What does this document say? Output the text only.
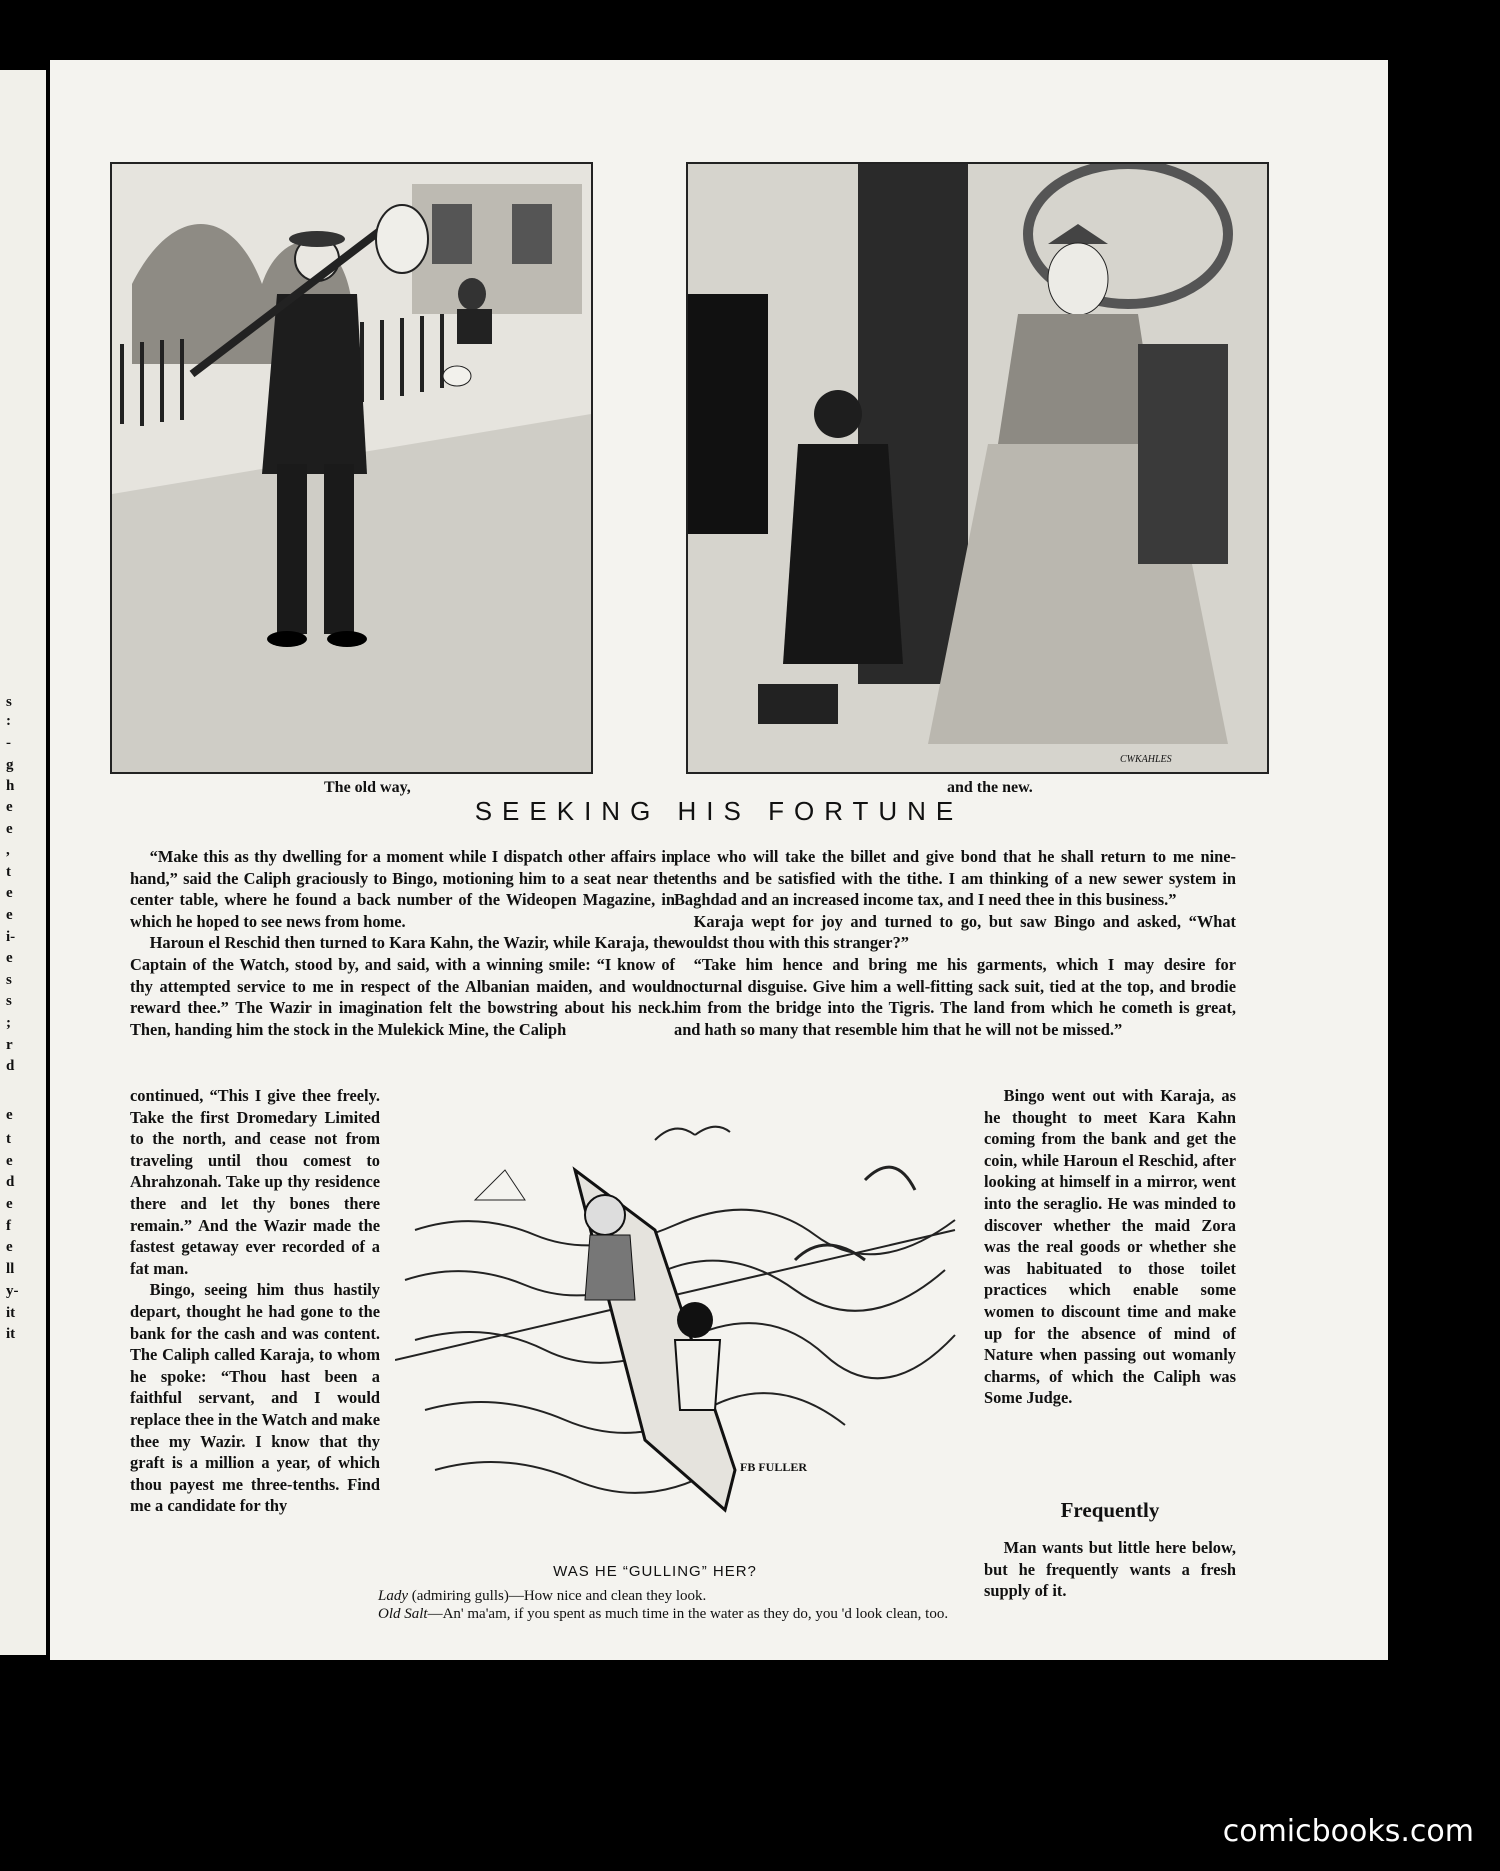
s
:
-
g
h
e
e
,
t
e
e
i-
e
s
s
;
r
d
e
t
e
d
e
f
e
ll
y-
it
it
CWKAHLES
The old way,	and the new.
SEEKING HIS FORTUNE

“Make this as thy dwelling for a moment while I dispatch other affairs in hand,” said the Caliph graciously to Bingo, motioning him to a seat near the center table, where he found a back number of the Wideopen Magazine, in which he hoped to see news from home.

Haroun el Reschid then turned to Kara Kahn, the Wazir, while Karaja, the Captain of the Watch, stood by, and said, with a winning smile: “I know of thy attempted service to me in respect of the Albanian maiden, and would reward thee.” The Wazir in imagination felt the bowstring about his neck. Then, handing him the stock in the Mulekick Mine, the Caliph

continued, “This I give thee freely. Take the first Dromedary Limited to the north, and cease not from traveling until thou comest to Ahrahzonah. Take up thy residence there and let thy bones there remain.” And the Wazir made the fastest getaway ever recorded of a fat man.

Bingo, seeing him thus hastily depart, thought he had gone to the bank for the cash and was content. The Caliph called Karaja, to whom he spoke: “Thou hast been a faithful servant, and I would replace thee in the Watch and make thee my Wazir. I know that thy graft is a million a year, of which thou payest me three-tenths. Find me a candidate for thy

place who will take the billet and give bond that he shall return to me nine-tenths and be satisfied with the tithe. I am thinking of a new sewer system in Baghdad and an increased income tax, and I need thee in this business.”

Karaja wept for joy and turned to go, but saw Bingo and asked, “What wouldst thou with this stranger?”

“Take him hence and bring me his garments, which I may desire for nocturnal disguise. Give him a well-fitting sack suit, tied at the top, and brodie him from the bridge into the Tigris. The land from which he cometh is great, and hath so many that resemble him that he will not be missed.”

Bingo went out with Karaja, as he thought to meet Kara Kahn coming from the bank and get the coin, while Haroun el Reschid, after looking at himself in a mirror, went into the seraglio. He was minded to discover whether the maid Zora was the real goods or whether she was habituated to those toilet practices which enable some women to discount time and make up for the absence of mind of Nature when passing out womanly charms, of which the Caliph was Some Judge.

FB FULLER
WAS HE “GULLING” HER?
Lady (admiring gulls)—How nice and clean they look.
Old Salt—An' ma'am, if you spent as much time in the water as they do, you 'd look clean, too.
Frequently

Man wants but little here below, but he frequently wants a fresh supply of it.

comicbooks.com
